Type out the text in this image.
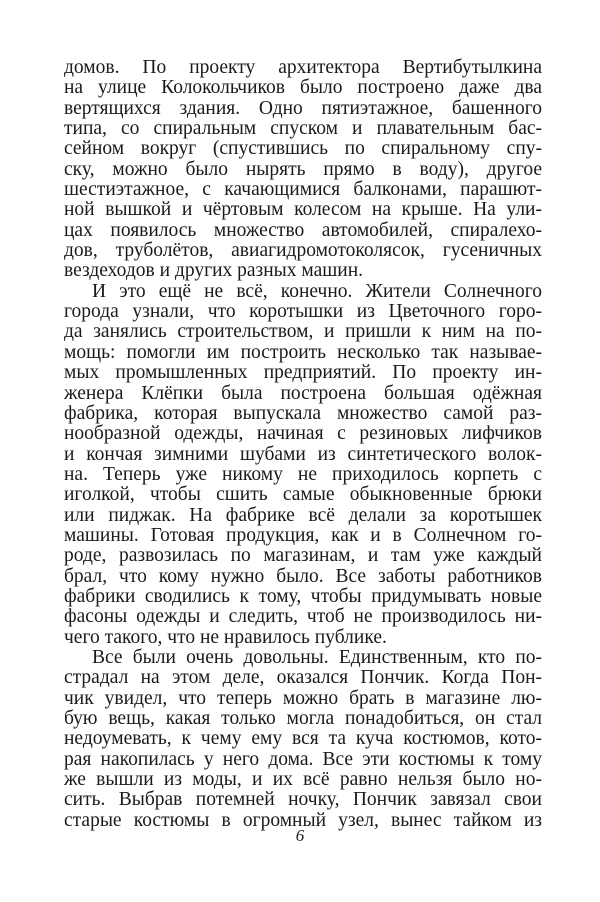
домов. По проекту архитектора Вертибутылкина
на улице Колокольчиков было построено даже два
вертящихся здания. Одно пятиэтажное, башенного
типа, со спиральным спуском и плавательным бас-
сейном вокруг (спустившись по спиральному спу-
ску, можно было нырять прямо в воду), другое
шестиэтажное, с качающимися балконами, парашют-
ной вышкой и чёртовым колесом на крыше. На ули-
цах появилось множество автомобилей, спиралехо-
дов, труболётов, авиагидромотоколясок, гусеничных
вездеходов и других разных машин.
И это ещё не всё, конечно. Жители Солнечного
города узнали, что коротышки из Цветочного горо-
да занялись строительством, и пришли к ним на по-
мощь: помогли им построить несколько так называе-
мых промышленных предприятий. По проекту ин-
женера Клёпки была построена большая одёжная
фабрика, которая выпускала множество самой раз-
нообразной одежды, начиная с резиновых лифчиков
и кончая зимними шубами из синтетического волок-
на. Теперь уже никому не приходилось корпеть с
иголкой, чтобы сшить самые обыкновенные брюки
или пиджак. На фабрике всё делали за коротышек
машины. Готовая продукция, как и в Солнечном го-
роде, развозилась по магазинам, и там уже каждый
брал, что кому нужно было. Все заботы работников
фабрики сводились к тому, чтобы придумывать новые
фасоны одежды и следить, чтоб не производилось ни-
чего такого, что не нравилось публике.
Все были очень довольны. Единственным, кто по-
страдал на этом деле, оказался Пончик. Когда Пон-
чик увидел, что теперь можно брать в магазине лю-
бую вещь, какая только могла понадобиться, он стал
недоумевать, к чему ему вся та куча костюмов, кото-
рая накопилась у него дома. Все эти костюмы к тому
же вышли из моды, и их всё равно нельзя было но-
сить. Выбрав потемней ночку, Пончик завязал свои
старые костюмы в огромный узел, вынес тайком из
6
